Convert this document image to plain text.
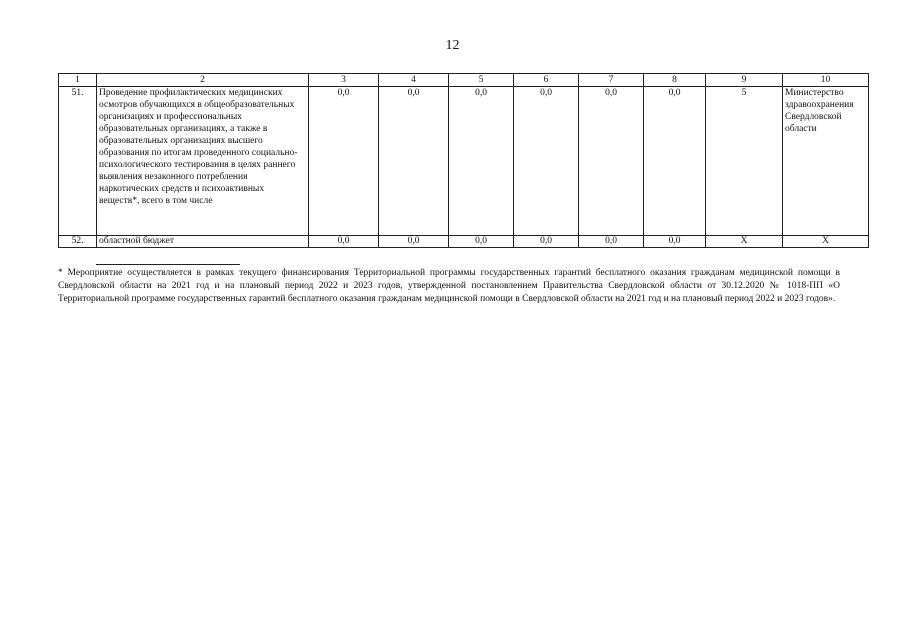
12
1	2	3	4	5	6	7	8	9	10
51.	Проведение профилактических медицинских осмотров обучающихся в общеобразовательных организациях и профессиональных образовательных организациях, а также в образовательных организациях высшего образования по итогам проведенного социально-психологического тестирования в целях раннего выявления незаконного потребления наркотических средств и психоактивных веществ*, всего в том числе	0,0	0,0	0,0	0,0	0,0	0,0	5	Министерство здравоохранения Свердловской области
52.	областной бюджет	0,0	0,0	0,0	0,0	0,0	0,0	Х	Х
* Мероприятие осуществляется в рамках текущего финансирования Территориальной программы государственных гарантий бесплатного оказания гражданам медицинской помощи в Свердловской области на 2021 год и на плановый период 2022 и 2023 годов, утвержденной постановлением Правительства Свердловской области от 30.12.2020 № 1018-ПП «О Территориальной программе государственных гарантий бесплатного оказания гражданам медицинской помощи в Свердловской области на 2021 год и на плановый период 2022 и 2023 годов».
